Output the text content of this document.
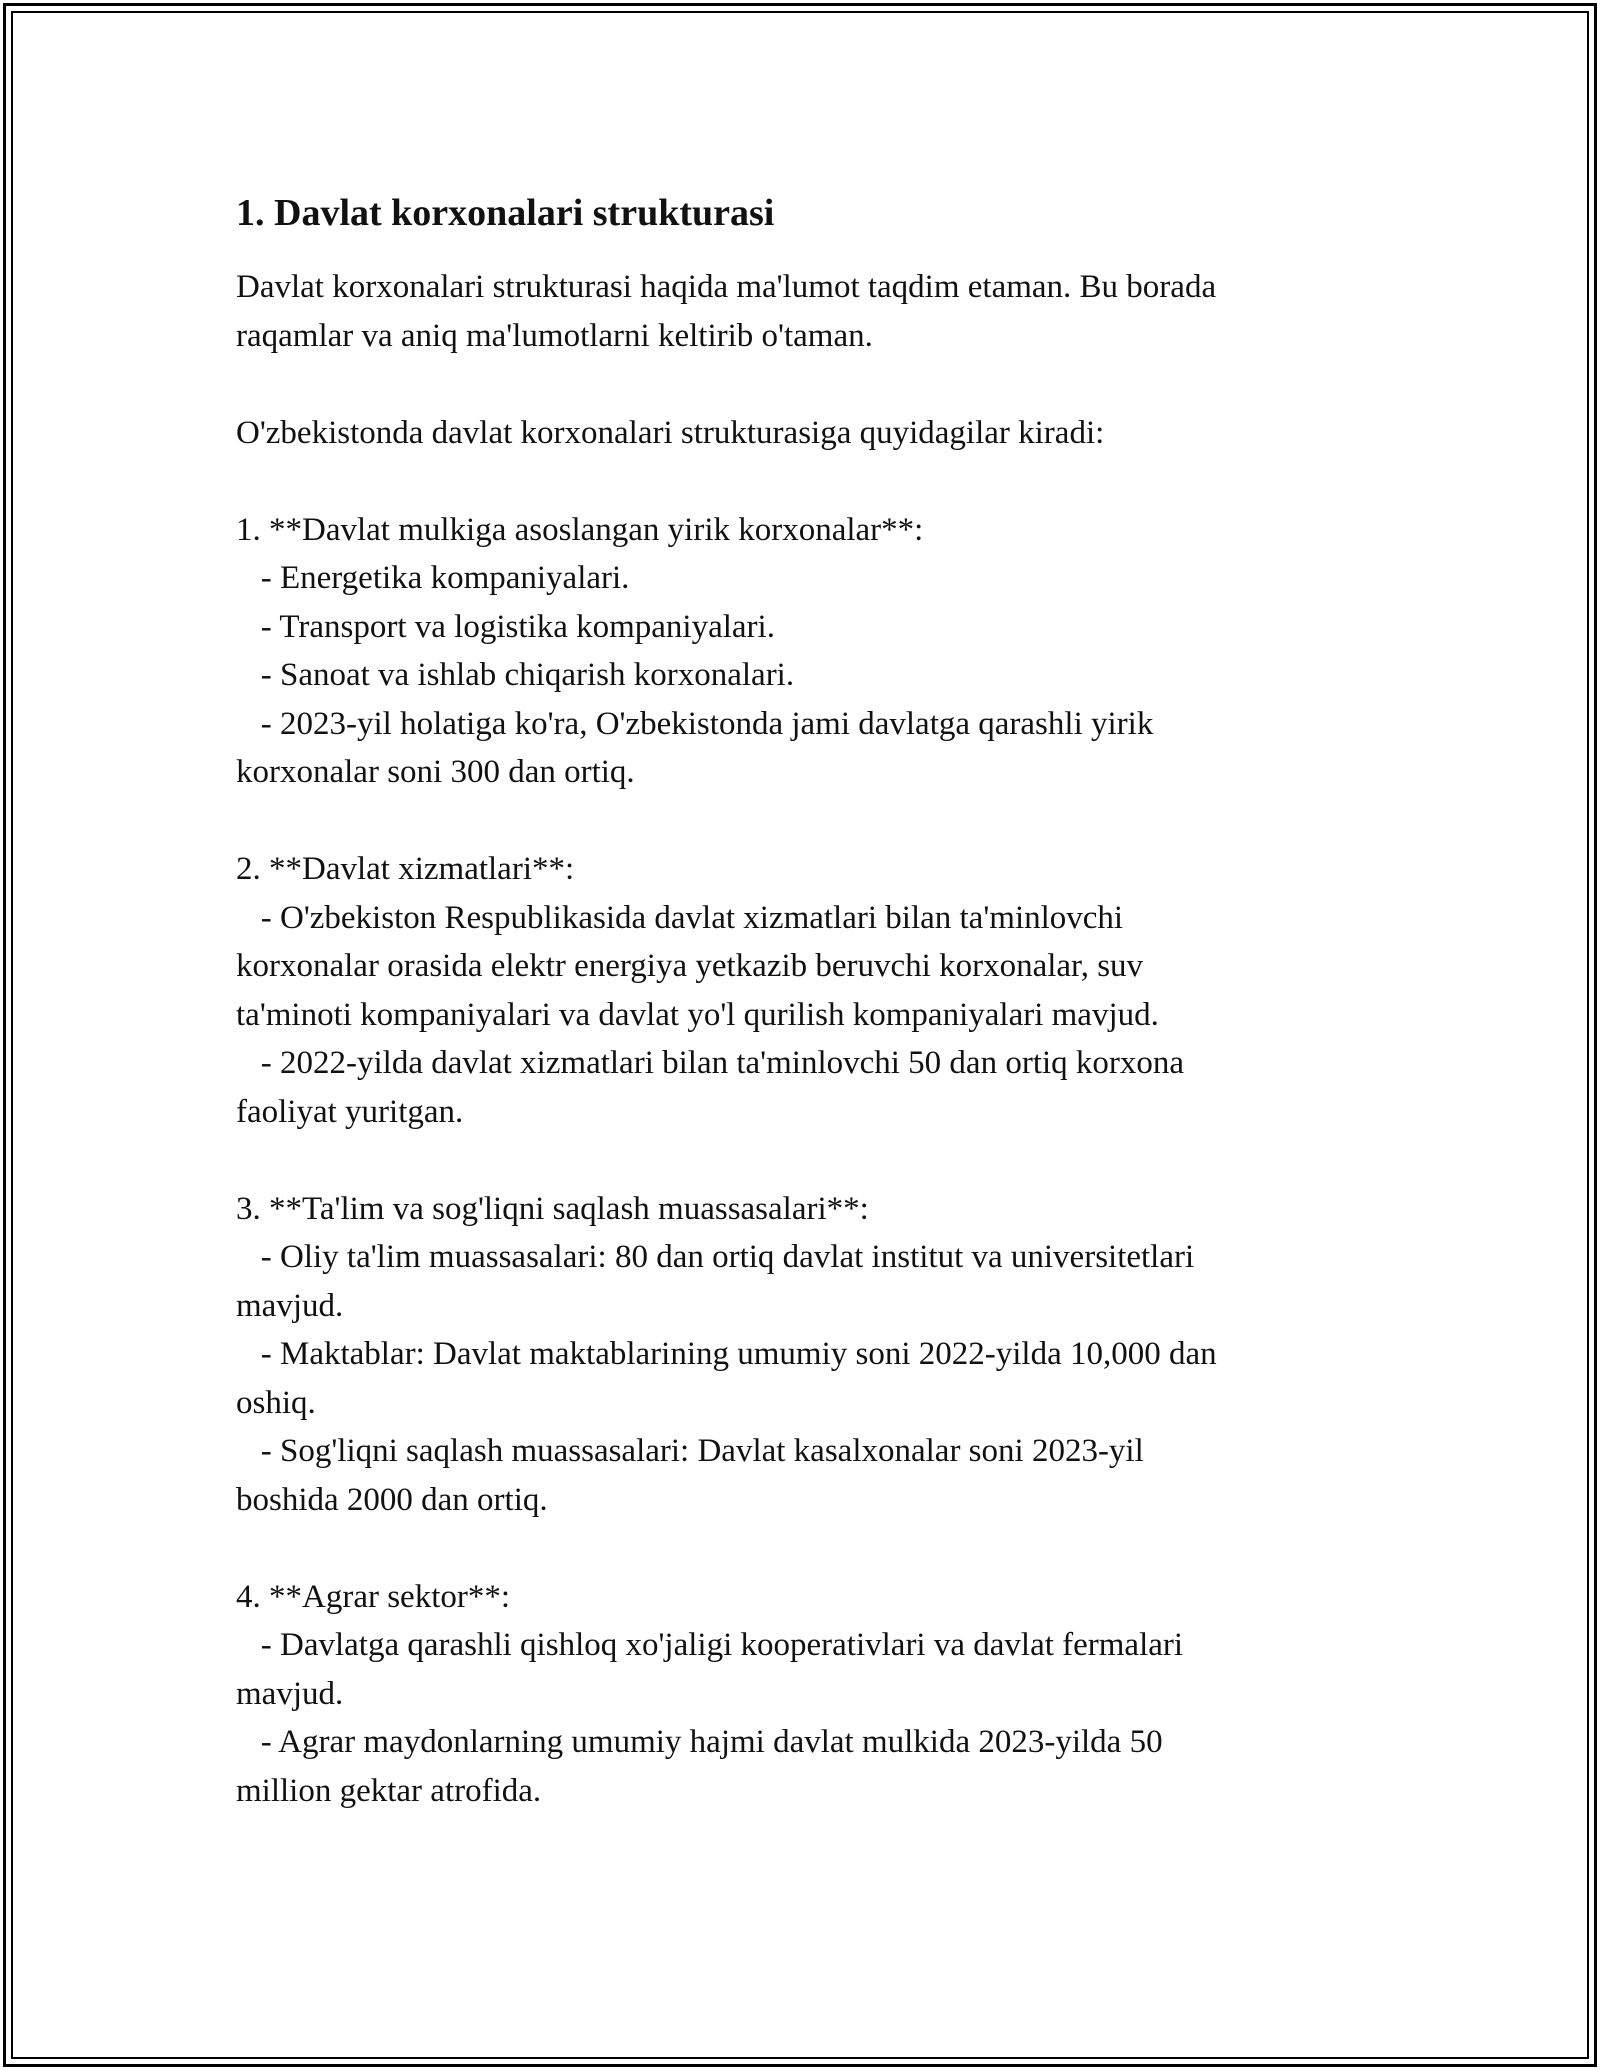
1. Davlat korxonalari strukturasi

Davlat korxonalari strukturasi haqida ma'lumot taqdim etaman. Bu borada
raqamlar va aniq ma'lumotlarni keltirib o'taman.

O'zbekistonda davlat korxonalari strukturasiga quyidagilar kiradi:

1. **Davlat mulkiga asoslangan yirik korxonalar**:
- Energetika kompaniyalari.
- Transport va logistika kompaniyalari.
- Sanoat va ishlab chiqarish korxonalari.
- 2023-yil holatiga ko'ra, O'zbekistonda jami davlatga qarashli yirik
korxonalar soni 300 dan ortiq.

2. **Davlat xizmatlari**:
- O'zbekiston Respublikasida davlat xizmatlari bilan ta'minlovchi
korxonalar orasida elektr energiya yetkazib beruvchi korxonalar, suv
ta'minoti kompaniyalari va davlat yo'l qurilish kompaniyalari mavjud.
- 2022-yilda davlat xizmatlari bilan ta'minlovchi 50 dan ortiq korxona
faoliyat yuritgan.

3. **Ta'lim va sog'liqni saqlash muassasalari**:
- Oliy ta'lim muassasalari: 80 dan ortiq davlat institut va universitetlari
mavjud.
- Maktablar: Davlat maktablarining umumiy soni 2022-yilda 10,000 dan
oshiq.
- Sog'liqni saqlash muassasalari: Davlat kasalxonalar soni 2023-yil
boshida 2000 dan ortiq.

4. **Agrar sektor**:
- Davlatga qarashli qishloq xo'jaligi kooperativlari va davlat fermalari
mavjud.
- Agrar maydonlarning umumiy hajmi davlat mulkida 2023-yilda 50
million gektar atrofida.
